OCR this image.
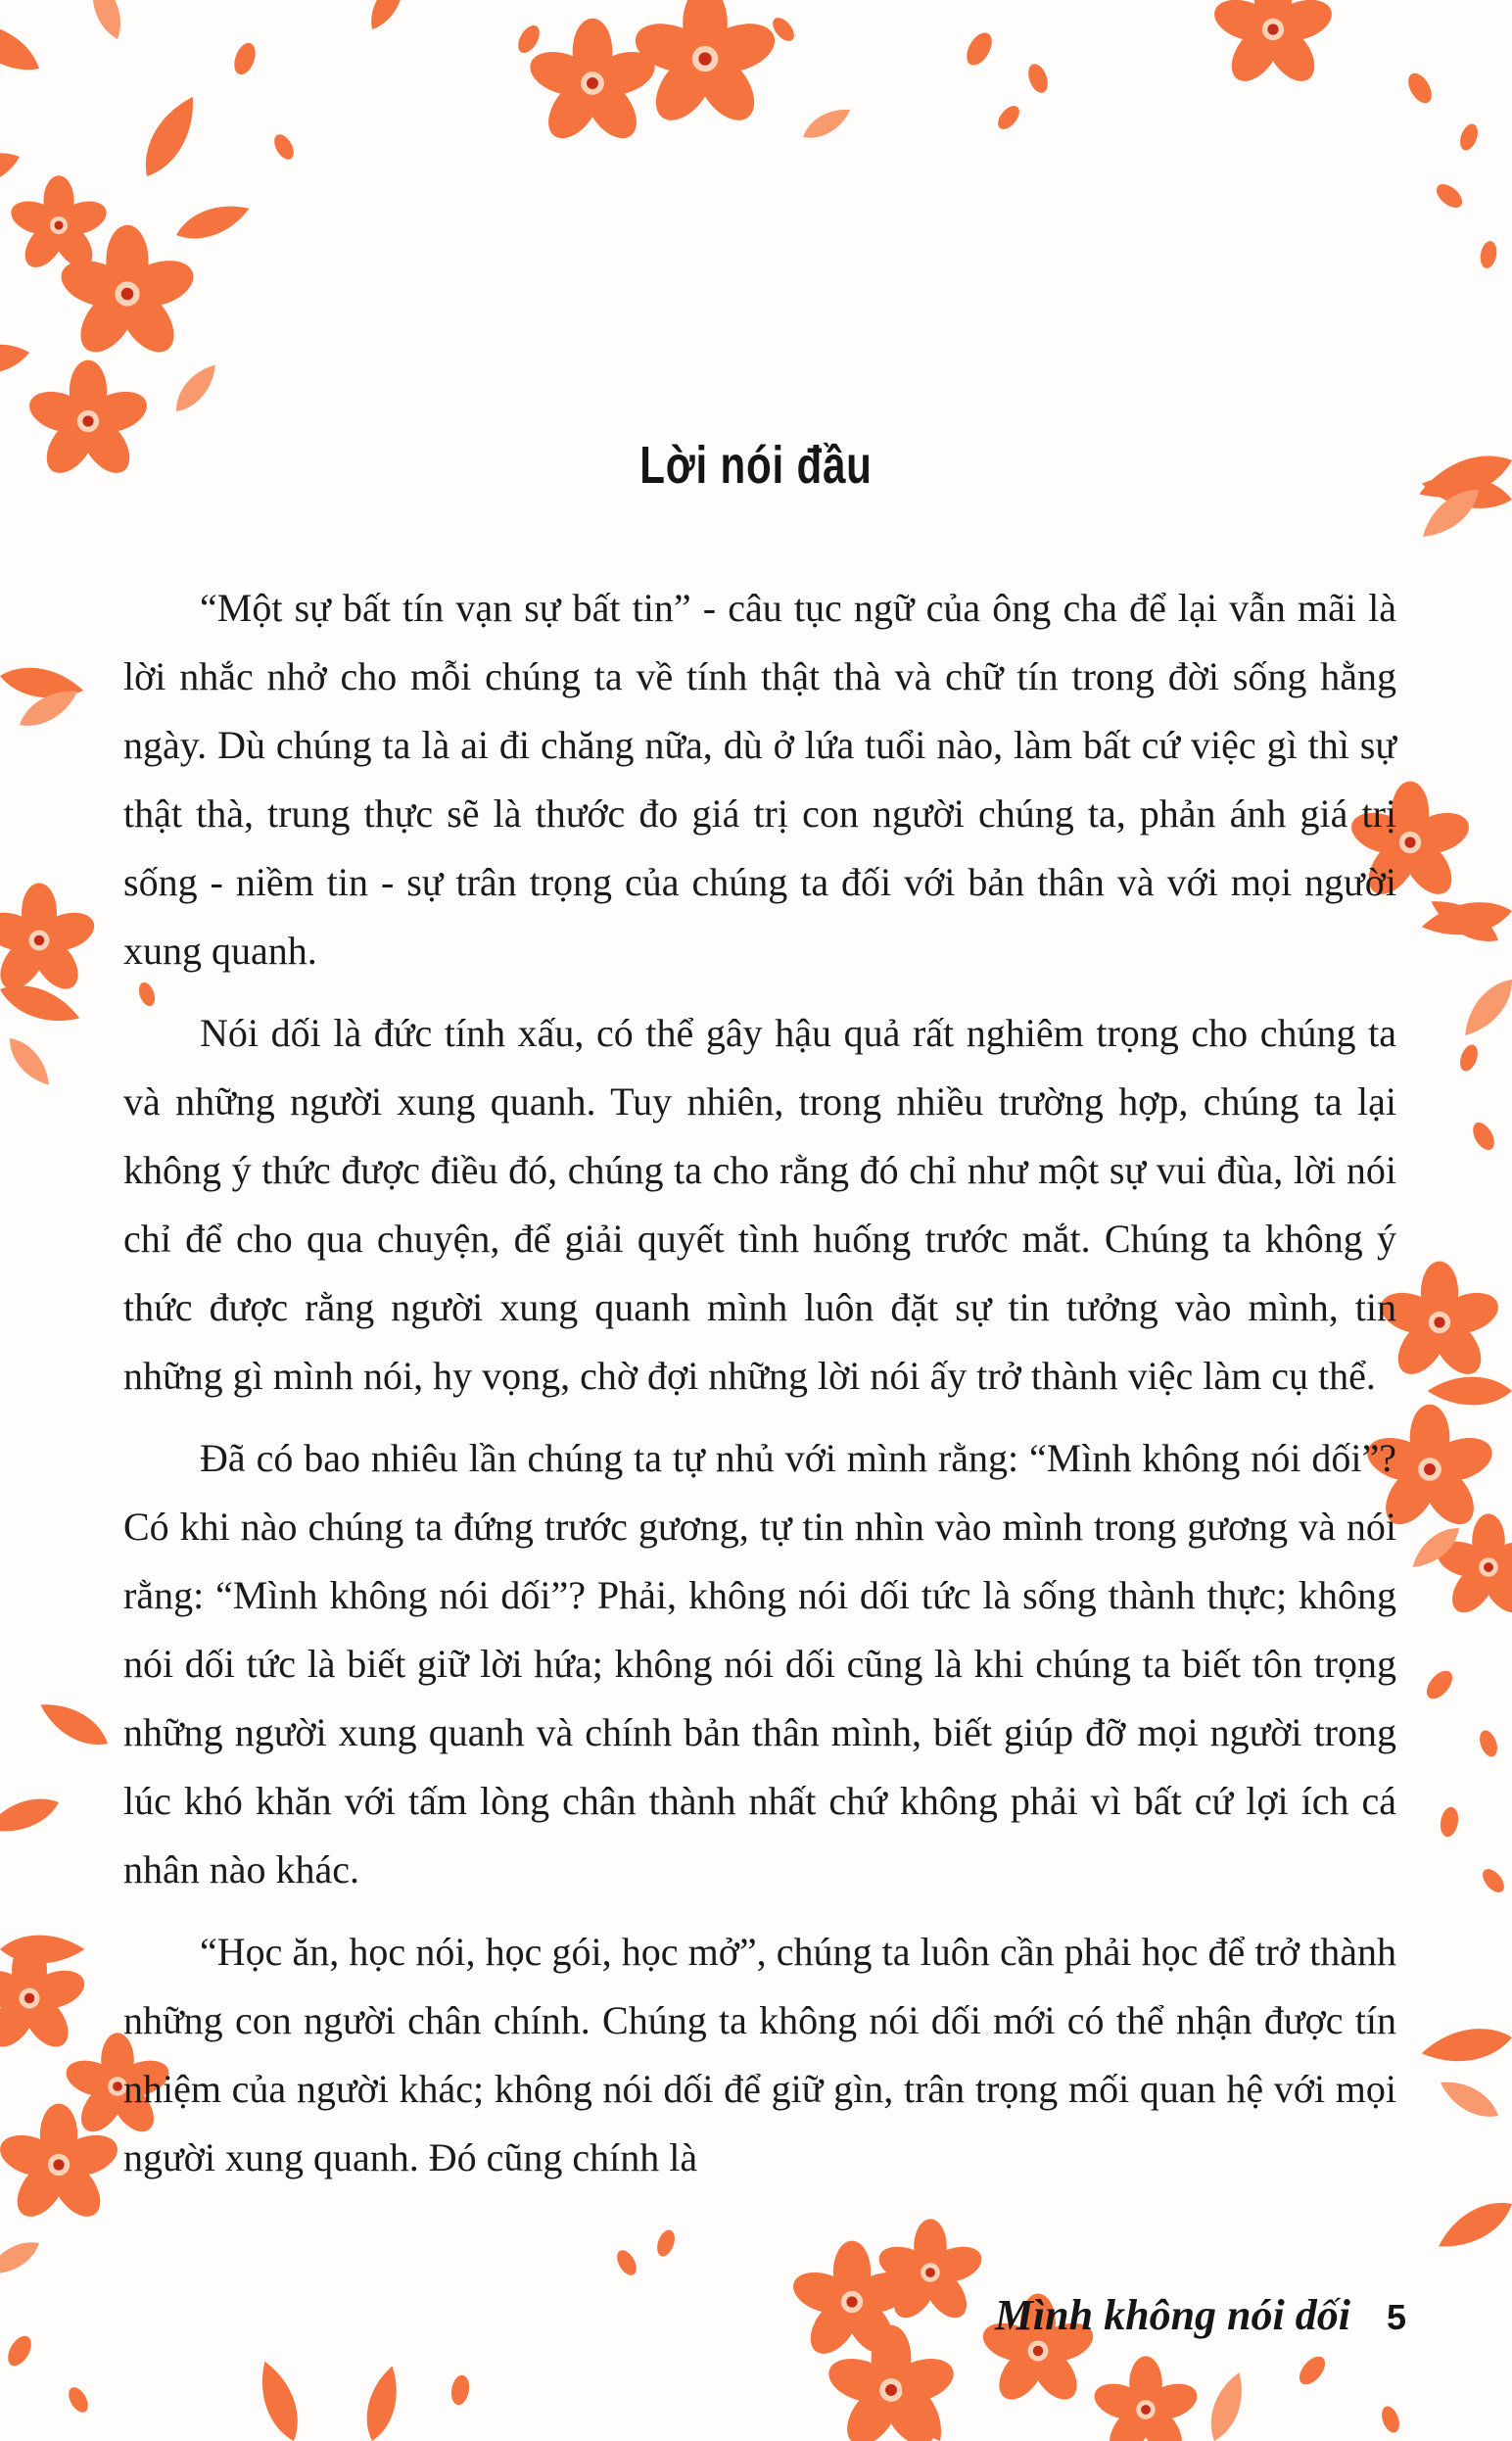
Lời nói đầu

“Một sự bất tín vạn sự bất tin” - câu tục ngữ của ông cha để lại vẫn mãi là lời nhắc nhở cho mỗi chúng ta về tính thật thà và chữ tín trong đời sống hằng ngày. Dù chúng ta là ai đi chăng nữa, dù ở lứa tuổi nào, làm bất cứ việc gì thì sự thật thà, trung thực sẽ là thước đo giá trị con người chúng ta, phản ánh giá trị sống - niềm tin - sự trân trọng của chúng ta đối với bản thân và với mọi người xung quanh.

Nói dối là đức tính xấu, có thể gây hậu quả rất nghiêm trọng cho chúng ta và những người xung quanh. Tuy nhiên, trong nhiều trường hợp, chúng ta lại không ý thức được điều đó, chúng ta cho rằng đó chỉ như một sự vui đùa, lời nói chỉ để cho qua chuyện, để giải quyết tình huống trước mắt. Chúng ta không ý thức được rằng người xung quanh mình luôn đặt sự tin tưởng vào mình, tin những gì mình nói, hy vọng, chờ đợi những lời nói ấy trở thành việc làm cụ thể.

Đã có bao nhiêu lần chúng ta tự nhủ với mình rằng: “Mình không nói dối”? Có khi nào chúng ta đứng trước gương, tự tin nhìn vào mình trong gương và nói rằng: “Mình không nói dối”? Phải, không nói dối tức là sống thành thực; không nói dối tức là biết giữ lời hứa; không nói dối cũng là khi chúng ta biết tôn trọng những người xung quanh và chính bản thân mình, biết giúp đỡ mọi người trong lúc khó khăn với tấm lòng chân thành nhất chứ không phải vì bất cứ lợi ích cá nhân nào khác.

“Học ăn, học nói, học gói, học mở”, chúng ta luôn cần phải học để trở thành những con người chân chính. Chúng ta không nói dối mới có thể nhận được tín nhiệm của người khác; không nói dối để giữ gìn, trân trọng mối quan hệ với mọi người xung quanh. Đó cũng chính là

Mình không nói dối 5
